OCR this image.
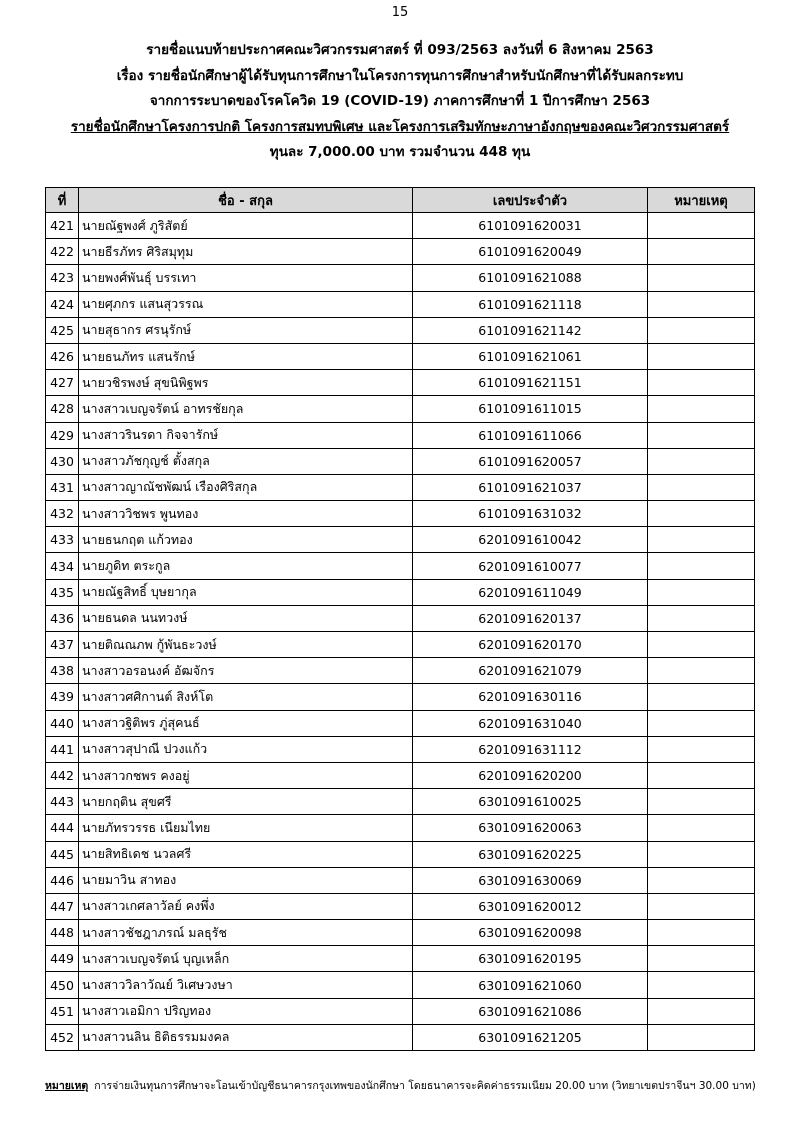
15
รายชื่อแนบท้ายประกาศคณะวิศวกรรมศาสตร์ ที่ 093/2563 ลงวันที่ 6 สิงหาคม 2563
เรื่อง รายชื่อนักศึกษาผู้ได้รับทุนการศึกษาในโครงการทุนการศึกษาสำหรับนักศึกษาที่ได้รับผลกระทบ
จากการระบาดของโรคโควิด 19 (COVID-19) ภาคการศึกษาที่ 1 ปีการศึกษา 2563
รายชื่อนักศึกษาโครงการปกติ โครงการสมทบพิเศษ และโครงการเสริมทักษะภาษาอังกฤษของคณะวิศวกรรมศาสตร์
ทุนละ 7,000.00 บาท รวมจำนวน 448 ทุน
ที่	ชื่อ - สกุล	เลขประจำตัว	หมายเหตุ
421	นายณัฐพงศ์ ภูริสัตย์	6101091620031	
422	นายธีรภัทร ศิริสมุทุม	6101091620049	
423	นายพงศ์พันธุ์ บรรเทา	6101091621088	
424	นายศุภกร แสนสุวรรณ	6101091621118	
425	นายสุธากร ศรนุรักษ์	6101091621142	
426	นายธนภัทร แสนรักษ์	6101091621061	
427	นายวชิรพงษ์ สุขนิพิฐพร	6101091621151	
428	นางสาวเบญจรัตน์ อาทรชัยกุล	6101091611015	
429	นางสาวรินรดา กิจจารักษ์	6101091611066	
430	นางสาวภัชกุญช์ ตั้งสกุล	6101091620057	
431	นางสาวญาณัชพัฒน์ เรืองศิริสกุล	6101091621037	
432	นางสาววิชพร พูนทอง	6101091631032	
433	นายธนกฤต แก้วทอง	6201091610042	
434	นายภูดิท ตระกูล	6201091610077	
435	นายณัฐสิทธิ์ บุษยากุล	6201091611049	
436	นายธนดล นนทวงษ์	6201091620137	
437	นายติณณภพ กู้พันธะวงษ์	6201091620170	
438	นางสาวอรอนงค์ อัฒจักร	6201091621079	
439	นางสาวศศิกานต์ สิงห์โต	6201091630116	
440	นางสาวฐิติพร ภู่สุคนธ์	6201091631040	
441	นางสาวสุปาณี ปวงแก้ว	6201091631112	
442	นางสาวกชพร คงอยู่	6201091620200	
443	นายกฤติน สุขศรี	6301091610025	
444	นายภัทรวรรธ เนียมไทย	6301091620063	
445	นายสิทธิเดช นวลศรี	6301091620225	
446	นายมาวิน สาทอง	6301091630069	
447	นางสาวเกศลาวัลย์ คงพึ่ง	6301091620012	
448	นางสาวชัชฎาภรณ์ มลธุรัช	6301091620098	
449	นางสาวเบญจรัตน์ บุญเหล็ก	6301091620195	
450	นางสาววิลาวัณย์ วิเศษวงษา	6301091621060	
451	นางสาวเอมิกา ปริญทอง	6301091621086	
452	นางสาวนลิน ธิติธรรมมงคล	6301091621205	
หมายเหตุ การจ่ายเงินทุนการศึกษาจะโอนเข้าบัญชีธนาคารกรุงเทพของนักศึกษา โดยธนาคารจะคิดค่าธรรมเนียม 20.00 บาท (วิทยาเขตปราจีนฯ 30.00 บาท)
